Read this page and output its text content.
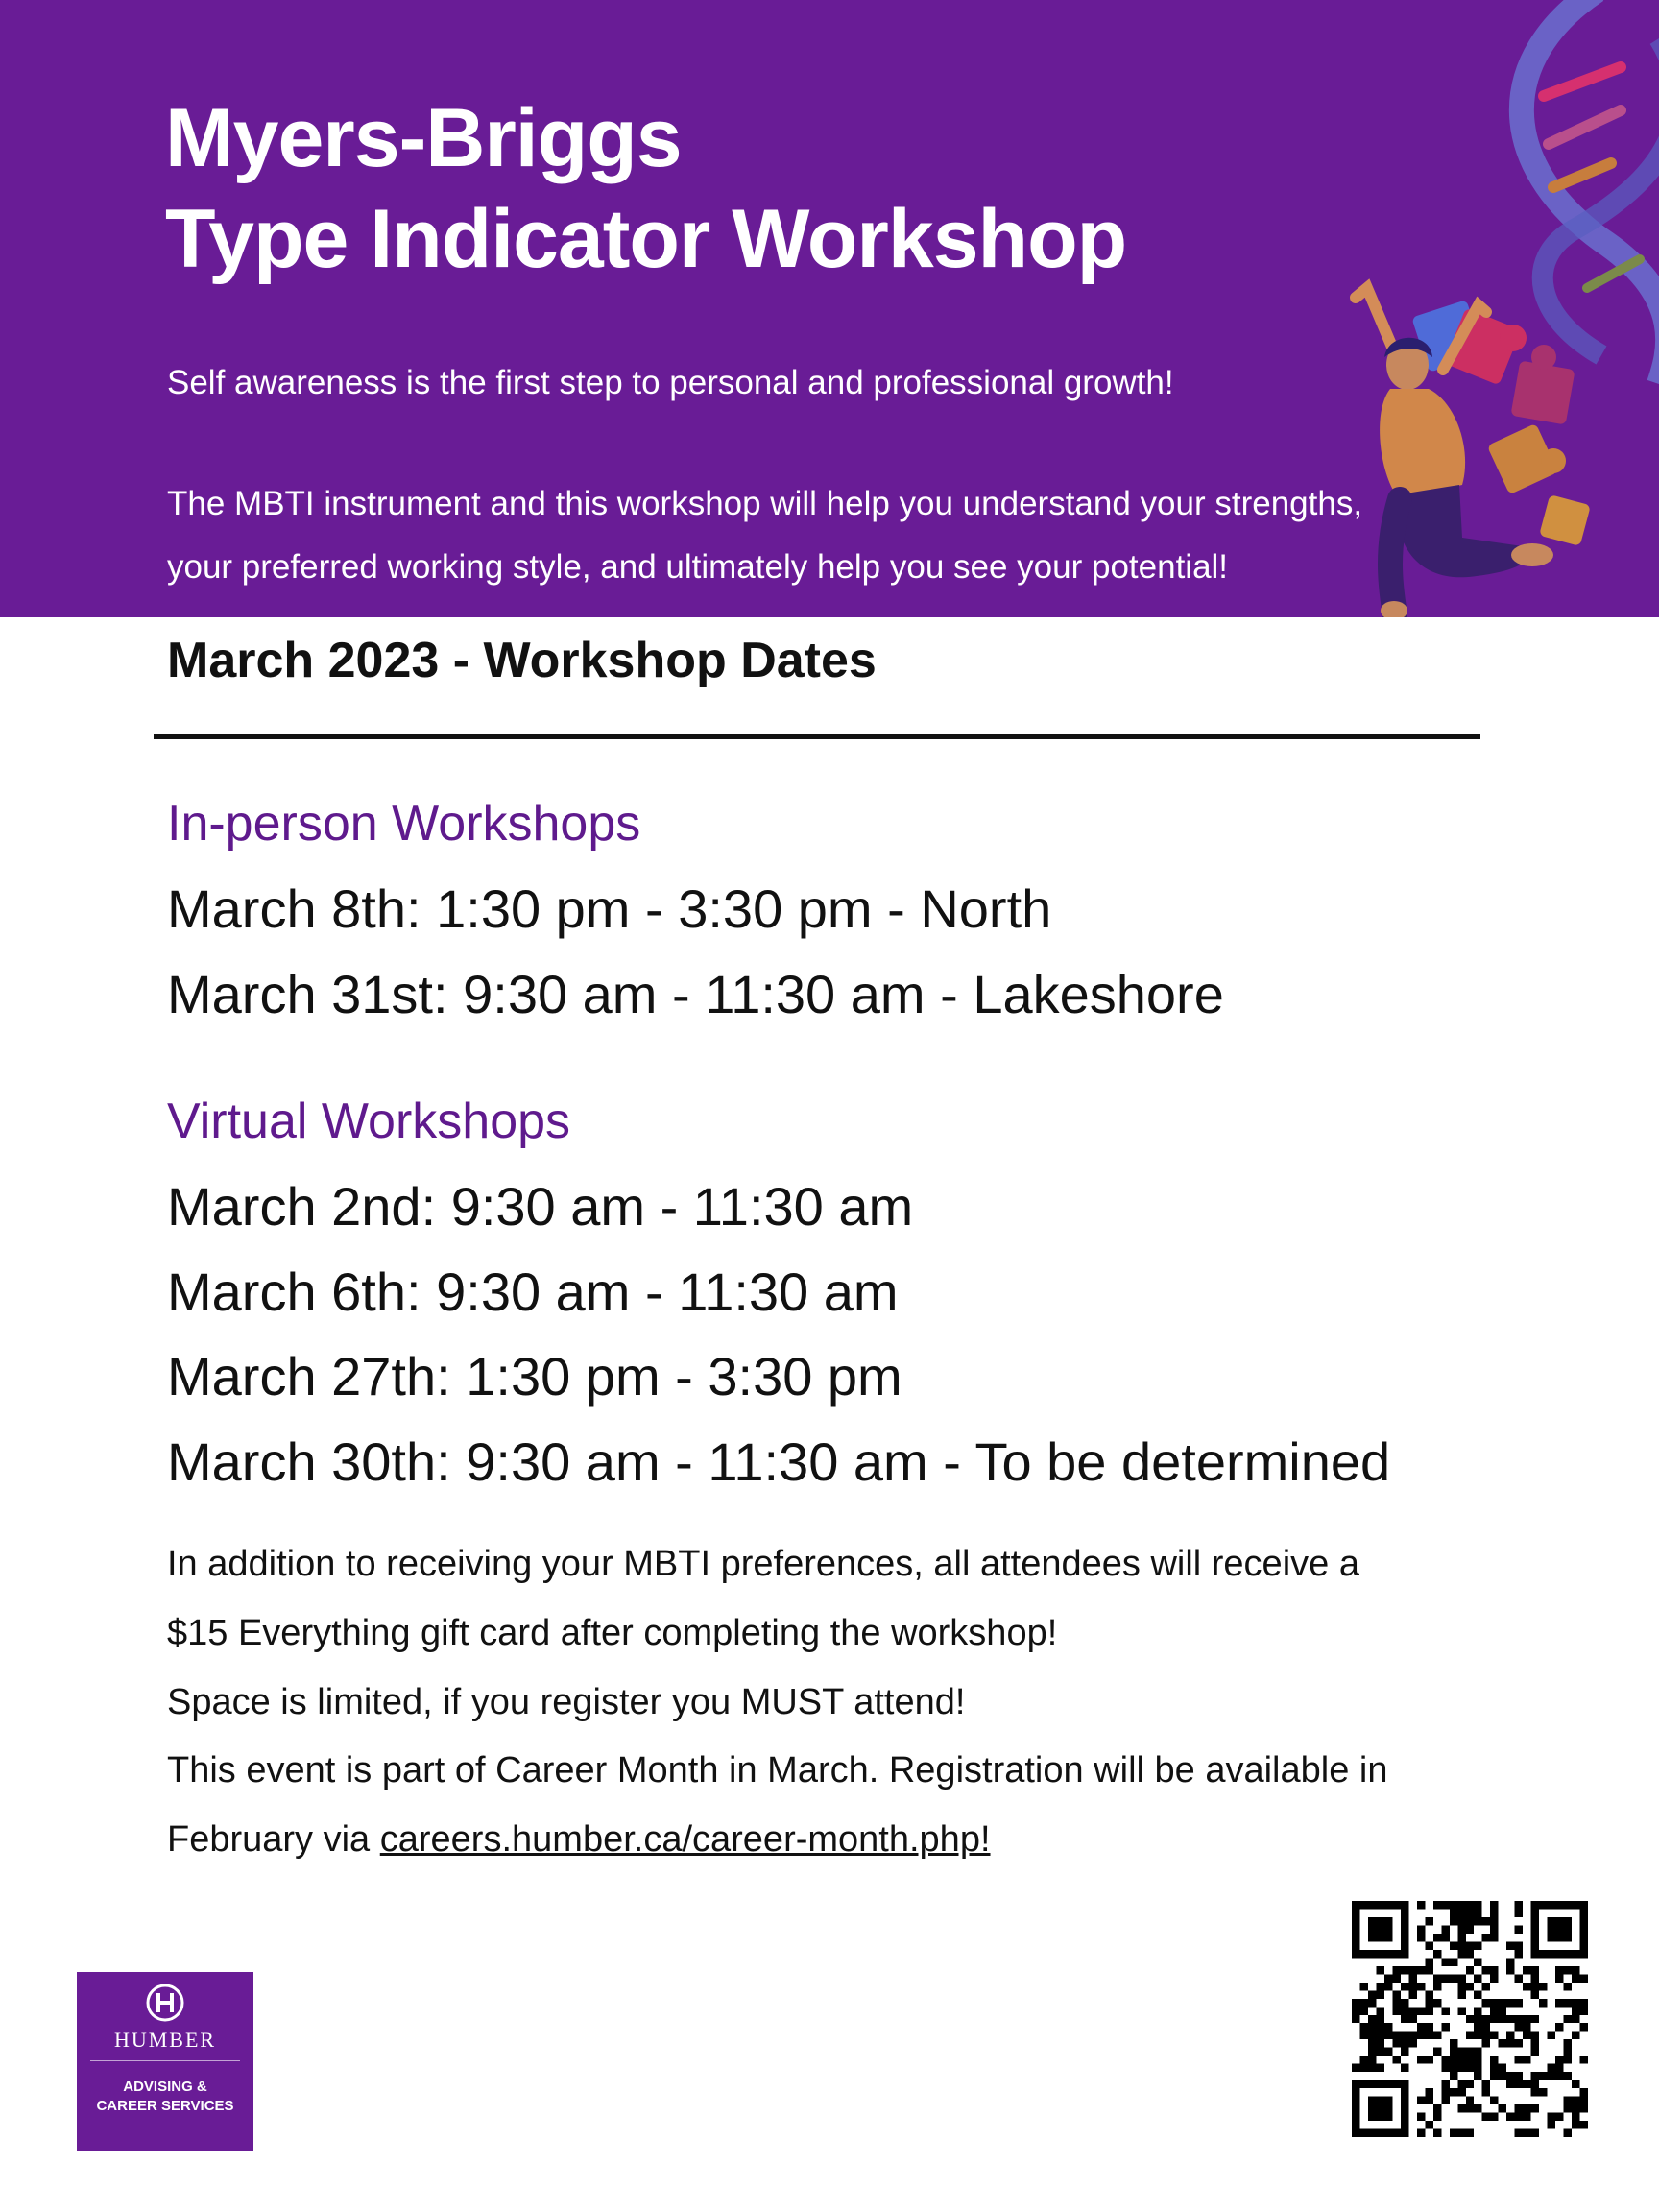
Myers-Briggs
Type Indicator Workshop

Self awareness is the first step to personal and professional growth!

The MBTI instrument and this workshop will help you understand your strengths,

your preferred working style, and ultimately help you see your potential!

March 2023 - Workshop Dates
In-person Workshops

March 8th: 1:30 pm - 3:30 pm - North

March 31st: 9:30 am - 11:30 am - Lakeshore

Virtual Workshops

March 2nd: 9:30 am - 11:30 am

March 6th: 9:30 am - 11:30 am

March 27th: 1:30 pm - 3:30 pm

March 30th: 9:30 am - 11:30 am - To be determined

In addition to receiving your MBTI preferences, all attendees will receive a

$15 Everything gift card after completing the workshop!

Space is limited, if you register you MUST attend!

This event is part of Career Month in March. Registration will be available in

February via careers.humber.ca/career-month.php!

HUMBER
ADVISING &
CAREER SERVICES
